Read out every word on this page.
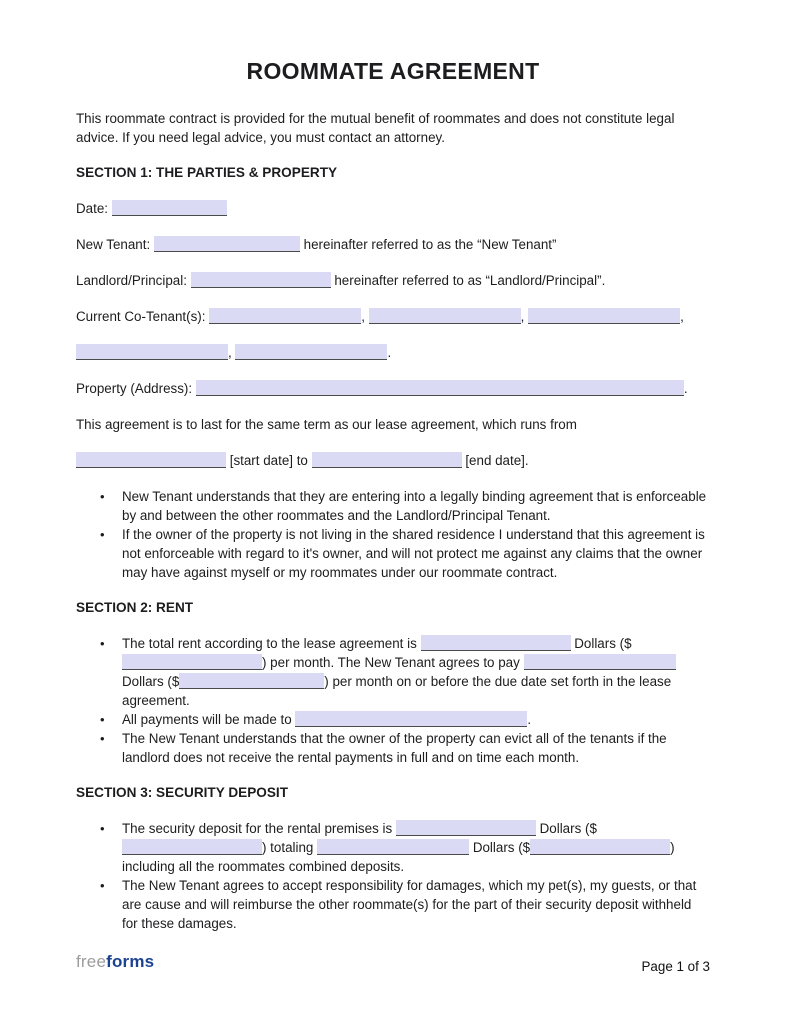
ROOMMATE AGREEMENT
This roommate contract is provided for the mutual benefit of roommates and does not constitute legal advice. If you need legal advice, you must contact an attorney.
SECTION 1: THE PARTIES & PROPERTY
Date:
New Tenant:	hereinafter referred to as the “New Tenant”
Landlord/Principal:	hereinafter referred to as “Landlord/Principal”.
Current Co-Tenant(s):	,	,	,
,	.
Property (Address):	.
This agreement is to last for the same term as our lease agreement, which runs from
[start date] to	[end date].
• New Tenant understands that they are entering into a legally binding agreement that is enforceable by and between the other roommates and the Landlord/Principal Tenant.
• If the owner of the property is not living in the shared residence I understand that this agreement is not enforceable with regard to it's owner, and will not protect me against any claims that the owner may have against myself or my roommates under our roommate contract.
SECTION 2: RENT
• The total rent according to the lease agreement is	Dollars ($) per month. The New Tenant agrees to pay  Dollars ($	) per month on or before the due date set forth in the lease agreement.
• All payments will be made to	.
• The New Tenant understands that the owner of the property can evict all of the tenants if the landlord does not receive the rental payments in full and on time each month.
SECTION 3: SECURITY DEPOSIT
• The security deposit for the rental premises is	Dollars ($) totaling	Dollars ($	) including all the roommates combined deposits.
• The New Tenant agrees to accept responsibility for damages, which my pet(s), my guests, or that are cause and will reimburse the other roommate(s) for the part of their security deposit withheld for these damages.
freeforms	Page 1 of 3
